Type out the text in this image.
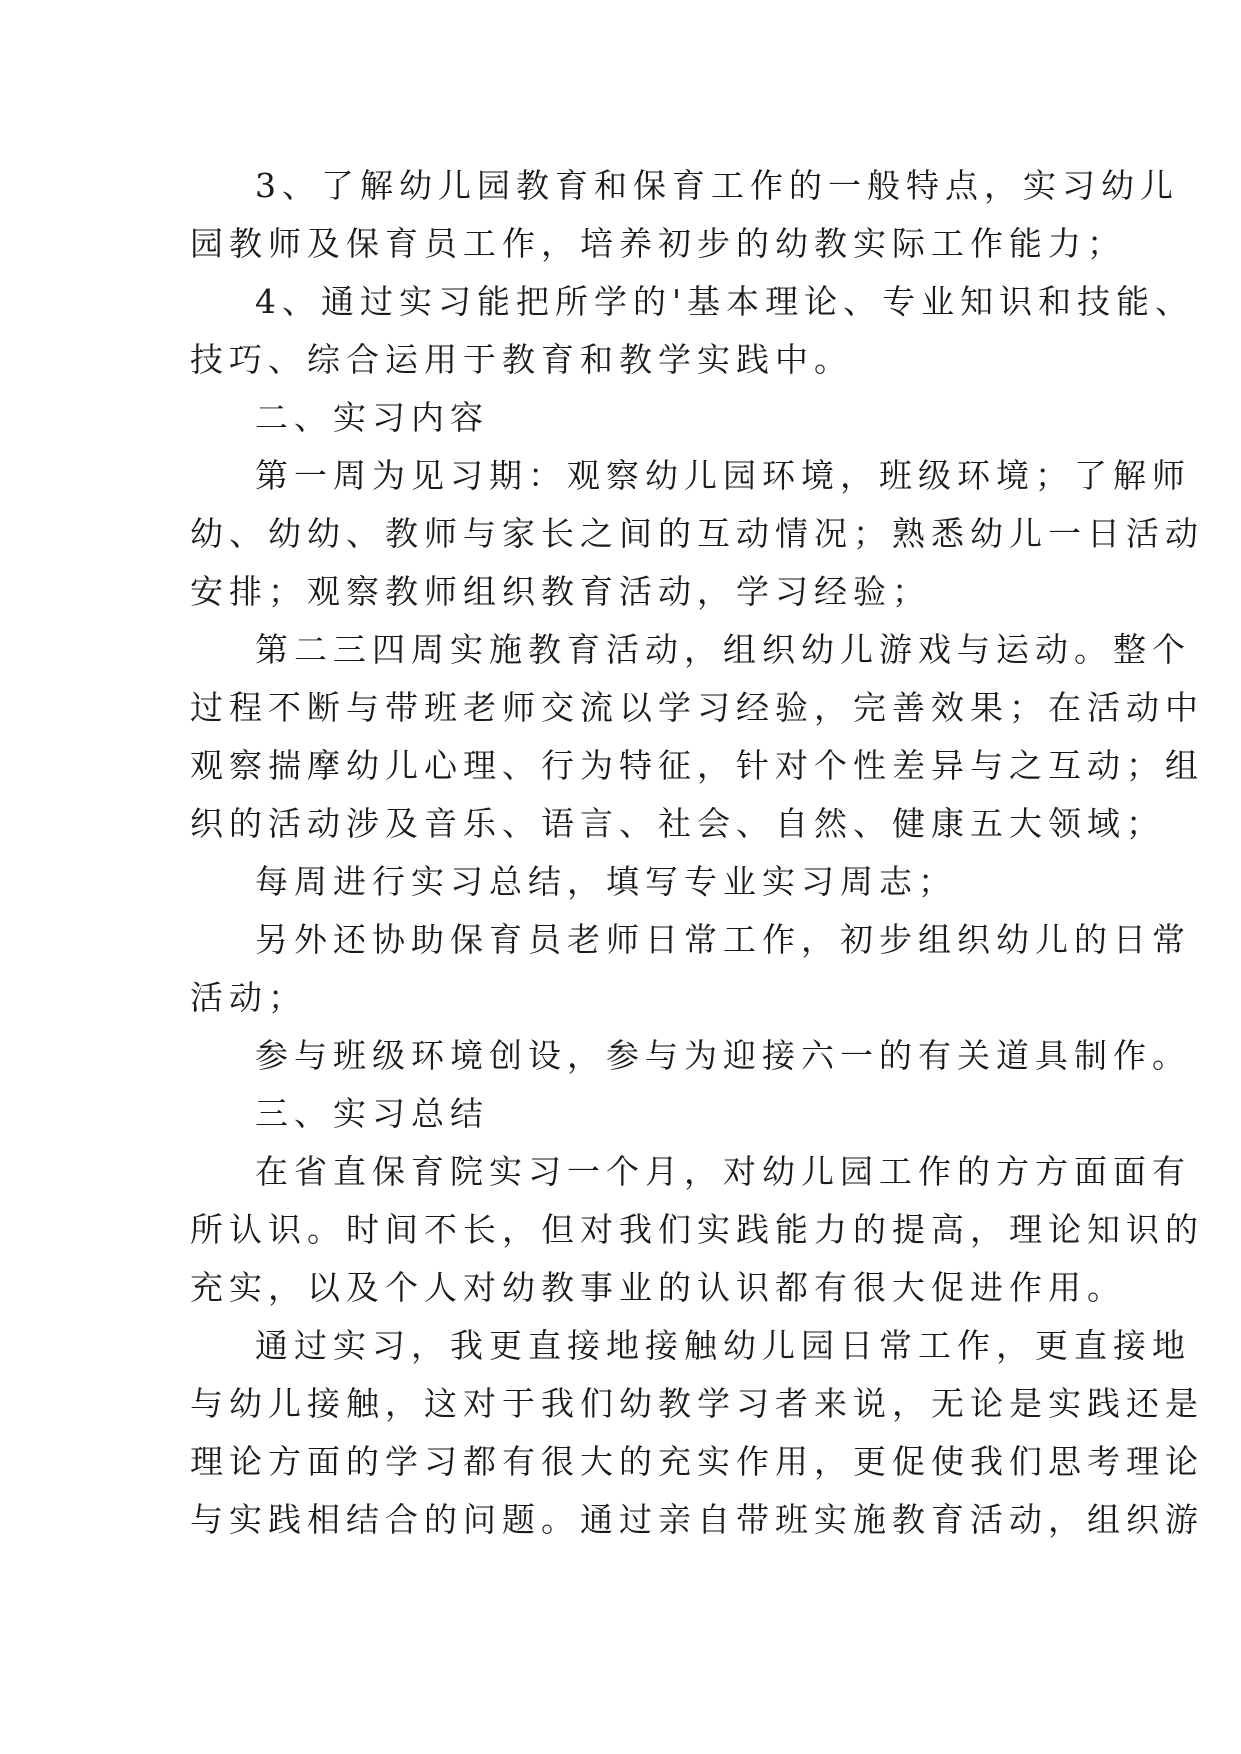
3、了解幼儿园教育和保育工作的一般特点，实习幼儿
园教师及保育员工作，培养初步的幼教实际工作能力；
4、通过实习能把所学的'基本理论、专业知识和技能、
技巧、综合运用于教育和教学实践中。
二、实习内容
第一周为见习期：观察幼儿园环境，班级环境；了解师
幼、幼幼、教师与家长之间的互动情况；熟悉幼儿一日活动
安排；观察教师组织教育活动，学习经验；
第二三四周实施教育活动，组织幼儿游戏与运动。整个
过程不断与带班老师交流以学习经验，完善效果；在活动中
观察揣摩幼儿心理、行为特征，针对个性差异与之互动；组
织的活动涉及音乐、语言、社会、自然、健康五大领域；
每周进行实习总结，填写专业实习周志；
另外还协助保育员老师日常工作，初步组织幼儿的日常
活动；
参与班级环境创设，参与为迎接六一的有关道具制作。
三、实习总结
在省直保育院实习一个月，对幼儿园工作的方方面面有
所认识。时间不长，但对我们实践能力的提高，理论知识的
充实，以及个人对幼教事业的认识都有很大促进作用。
通过实习，我更直接地接触幼儿园日常工作，更直接地
与幼儿接触，这对于我们幼教学习者来说，无论是实践还是
理论方面的学习都有很大的充实作用，更促使我们思考理论
与实践相结合的问题。通过亲自带班实施教育活动，组织游
